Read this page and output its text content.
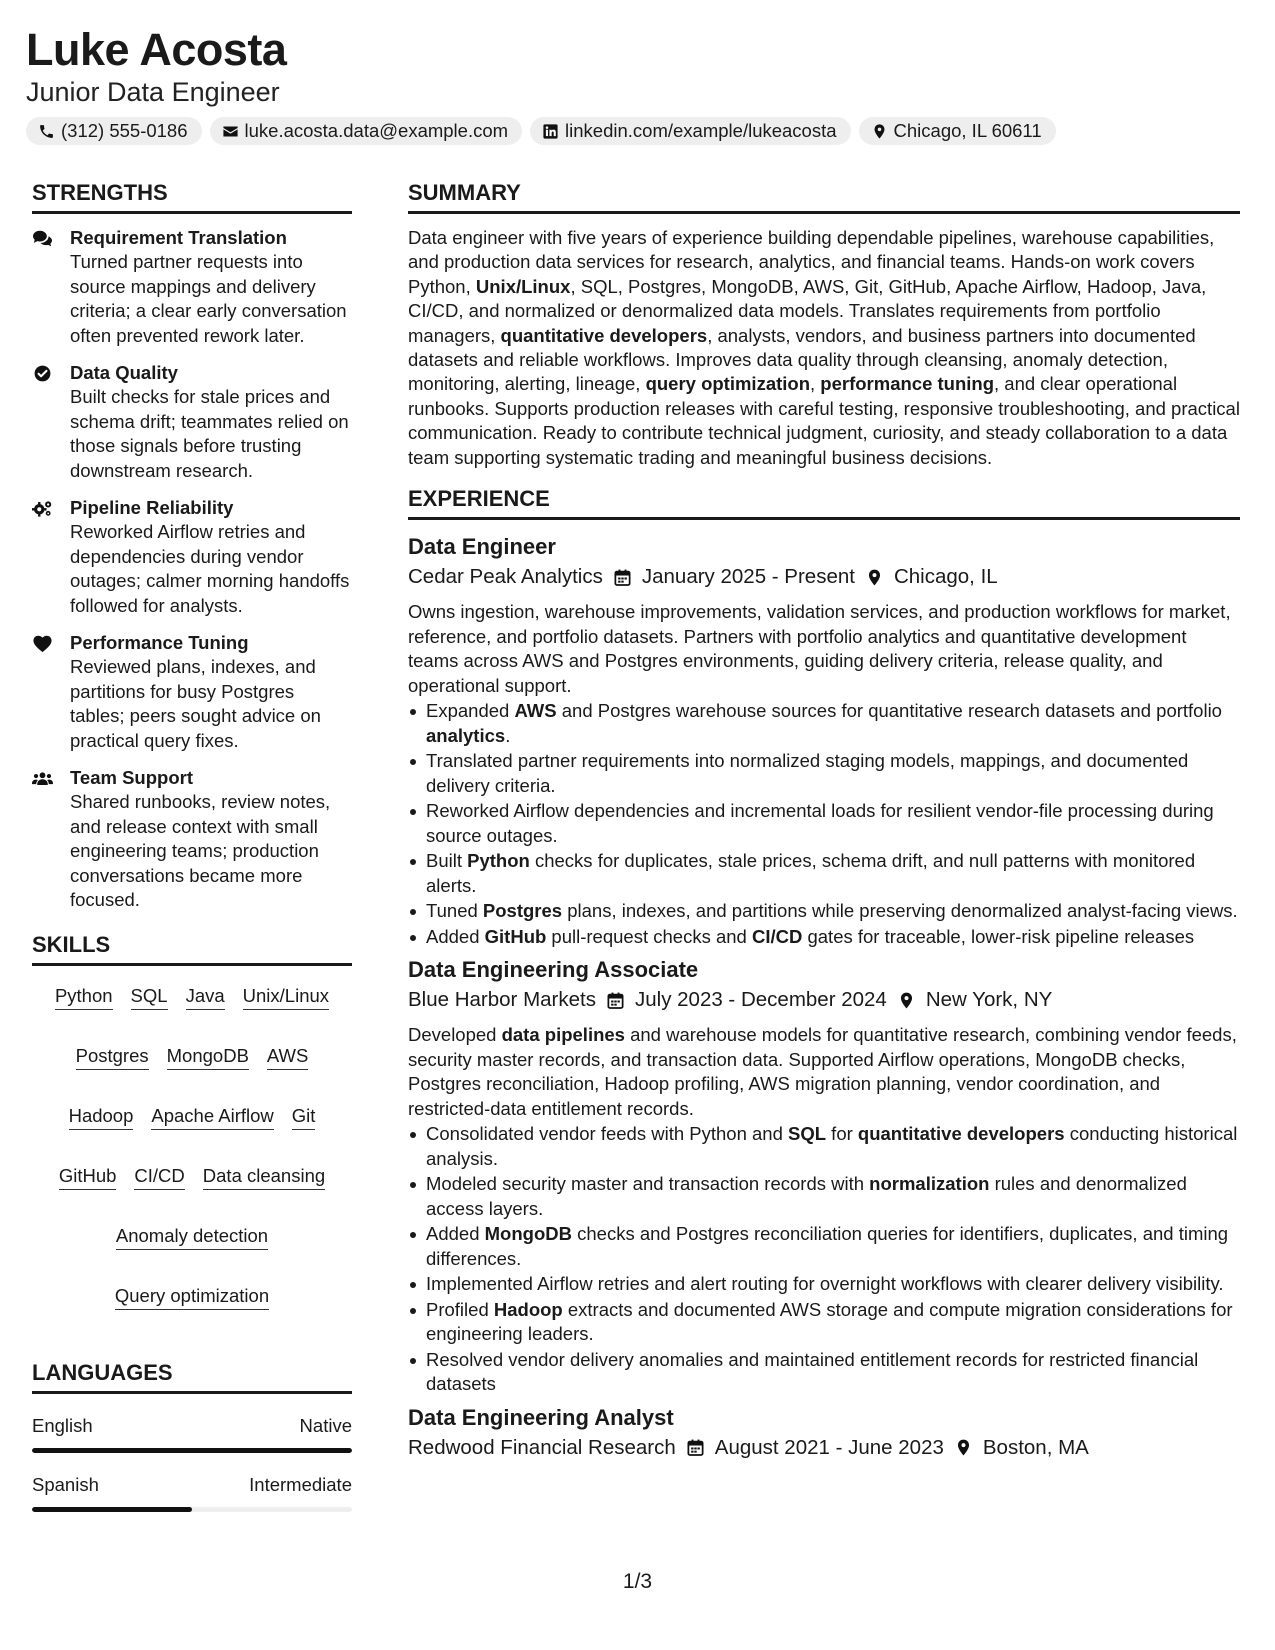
Luke Acosta
Junior Data Engineer
(312) 555-0186	luke.acosta.data@example.com	linkedin.com/example/lukeacosta	Chicago, IL 60611
STRENGTHS
Requirement Translation
Turned partner requests into source mappings and delivery criteria; a clear early conversation often prevented rework later.
Data Quality
Built checks for stale prices and schema drift; teammates relied on those signals before trusting downstream research.
Pipeline Reliability
Reworked Airflow retries and dependencies during vendor outages; calmer morning handoffs followed for analysts.
Performance Tuning
Reviewed plans, indexes, and partitions for busy Postgres tables; peers sought advice on practical query fixes.
Team Support
Shared runbooks, review notes, and release context with small engineering teams; production conversations became more focused.
SKILLS
Python SQL Java Unix/Linux
Postgres MongoDB AWS
Hadoop Apache Airflow Git
GitHub CI/CD Data cleansing
Anomaly detection
Query optimization
LANGUAGES
English	Native
Spanish	Intermediate
SUMMARY
Data engineer with five years of experience building dependable pipelines, warehouse capabilities, and production data services for research, analytics, and financial teams. Hands-on work covers Python, Unix/Linux, SQL, Postgres, MongoDB, AWS, Git, GitHub, Apache Airflow, Hadoop, Java, CI/CD, and normalized or denormalized data models. Translates requirements from portfolio managers, quantitative developers, analysts, vendors, and business partners into documented datasets and reliable workflows. Improves data quality through cleansing, anomaly detection, monitoring, alerting, lineage, query optimization, performance tuning, and clear operational runbooks. Supports production releases with careful testing, responsive troubleshooting, and practical communication. Ready to contribute technical judgment, curiosity, and steady collaboration to a data team supporting systematic trading and meaningful business decisions.
EXPERIENCE
Data Engineer
Cedar Peak Analytics January 2025 - Present Chicago, IL
Owns ingestion, warehouse improvements, validation services, and production workflows for market, reference, and portfolio datasets. Partners with portfolio analytics and quantitative development teams across AWS and Postgres environments, guiding delivery criteria, release quality, and operational support.
Expanded AWS and Postgres warehouse sources for quantitative research datasets and portfolio analytics.
Translated partner requirements into normalized staging models, mappings, and documented delivery criteria.
Reworked Airflow dependencies and incremental loads for resilient vendor-file processing during source outages.
Built Python checks for duplicates, stale prices, schema drift, and null patterns with monitored alerts.
Tuned Postgres plans, indexes, and partitions while preserving denormalized analyst-facing views.
Added GitHub pull-request checks and CI/CD gates for traceable, lower-risk pipeline releases
Data Engineering Associate
Blue Harbor Markets July 2023 - December 2024 New York, NY
Developed data pipelines and warehouse models for quantitative research, combining vendor feeds, security master records, and transaction data. Supported Airflow operations, MongoDB checks, Postgres reconciliation, Hadoop profiling, AWS migration planning, vendor coordination, and restricted-data entitlement records.
Consolidated vendor feeds with Python and SQL for quantitative developers conducting historical analysis.
Modeled security master and transaction records with normalization rules and denormalized access layers.
Added MongoDB checks and Postgres reconciliation queries for identifiers, duplicates, and timing differences.
Implemented Airflow retries and alert routing for overnight workflows with clearer delivery visibility.
Profiled Hadoop extracts and documented AWS storage and compute migration considerations for engineering leaders.
Resolved vendor delivery anomalies and maintained entitlement records for restricted financial datasets
Data Engineering Analyst
Redwood Financial Research August 2021 - June 2023 Boston, MA
1/3
